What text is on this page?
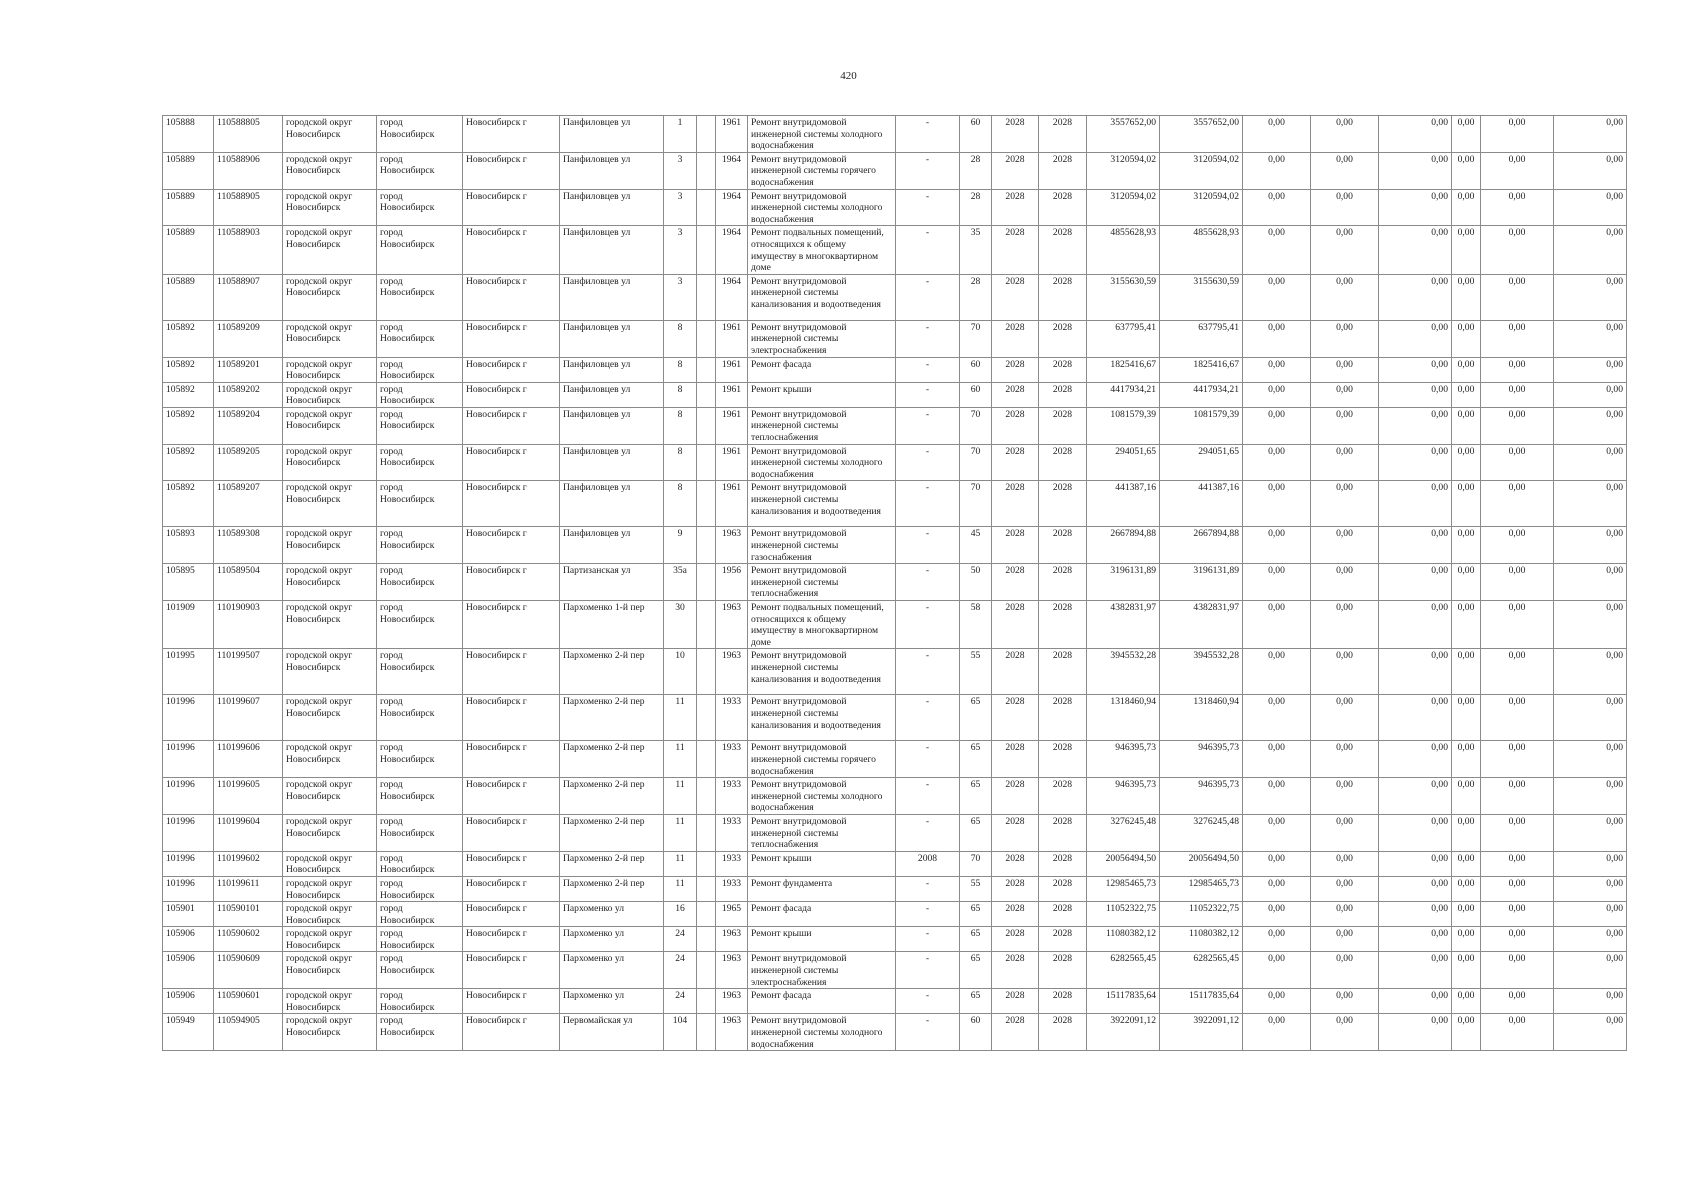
420
105888	110588805	городской округ Новосибирск	город Новосибирск	Новосибирск г	Панфиловцев ул	1		1961	Ремонт внутридомовой инженерной системы холодного водоснабжения	-	60	2028	2028	3557652,00	3557652,00	0,00	0,00	0,00	0,00	0,00	0,00
105889	110588906	городской округ Новосибирск	город Новосибирск	Новосибирск г	Панфиловцев ул	3		1964	Ремонт внутридомовой инженерной системы горячего водоснабжения	-	28	2028	2028	3120594,02	3120594,02	0,00	0,00	0,00	0,00	0,00	0,00
105889	110588905	городской округ Новосибирск	город Новосибирск	Новосибирск г	Панфиловцев ул	3		1964	Ремонт внутридомовой инженерной системы холодного водоснабжения	-	28	2028	2028	3120594,02	3120594,02	0,00	0,00	0,00	0,00	0,00	0,00
105889	110588903	городской округ Новосибирск	город Новосибирск	Новосибирск г	Панфиловцев ул	3		1964	Ремонт подвальных помещений, относящихся к общему имуществу в многоквартирном доме	-	35	2028	2028	4855628,93	4855628,93	0,00	0,00	0,00	0,00	0,00	0,00
105889	110588907	городской округ Новосибирск	город Новосибирск	Новосибирск г	Панфиловцев ул	3		1964	Ремонт внутридомовой инженерной системы канализования и водоотведения	-	28	2028	2028	3155630,59	3155630,59	0,00	0,00	0,00	0,00	0,00	0,00
105892	110589209	городской округ Новосибирск	город Новосибирск	Новосибирск г	Панфиловцев ул	8		1961	Ремонт внутридомовой инженерной системы электроснабжения	-	70	2028	2028	637795,41	637795,41	0,00	0,00	0,00	0,00	0,00	0,00
105892	110589201	городской округ Новосибирск	город Новосибирск	Новосибирск г	Панфиловцев ул	8		1961	Ремонт фасада	-	60	2028	2028	1825416,67	1825416,67	0,00	0,00	0,00	0,00	0,00	0,00
105892	110589202	городской округ Новосибирск	город Новосибирск	Новосибирск г	Панфиловцев ул	8		1961	Ремонт крыши	-	60	2028	2028	4417934,21	4417934,21	0,00	0,00	0,00	0,00	0,00	0,00
105892	110589204	городской округ Новосибирск	город Новосибирск	Новосибирск г	Панфиловцев ул	8		1961	Ремонт внутридомовой инженерной системы теплоснабжения	-	70	2028	2028	1081579,39	1081579,39	0,00	0,00	0,00	0,00	0,00	0,00
105892	110589205	городской округ Новосибирск	город Новосибирск	Новосибирск г	Панфиловцев ул	8		1961	Ремонт внутридомовой инженерной системы холодного водоснабжения	-	70	2028	2028	294051,65	294051,65	0,00	0,00	0,00	0,00	0,00	0,00
105892	110589207	городской округ Новосибирск	город Новосибирск	Новосибирск г	Панфиловцев ул	8		1961	Ремонт внутридомовой инженерной системы канализования и водоотведения	-	70	2028	2028	441387,16	441387,16	0,00	0,00	0,00	0,00	0,00	0,00
105893	110589308	городской округ Новосибирск	город Новосибирск	Новосибирск г	Панфиловцев ул	9		1963	Ремонт внутридомовой инженерной системы газоснабжения	-	45	2028	2028	2667894,88	2667894,88	0,00	0,00	0,00	0,00	0,00	0,00
105895	110589504	городской округ Новосибирск	город Новосибирск	Новосибирск г	Партизанская ул	35а		1956	Ремонт внутридомовой инженерной системы теплоснабжения	-	50	2028	2028	3196131,89	3196131,89	0,00	0,00	0,00	0,00	0,00	0,00
101909	110190903	городской округ Новосибирск	город Новосибирск	Новосибирск г	Пархоменко 1-й пер	30		1963	Ремонт подвальных помещений, относящихся к общему имуществу в многоквартирном доме	-	58	2028	2028	4382831,97	4382831,97	0,00	0,00	0,00	0,00	0,00	0,00
101995	110199507	городской округ Новосибирск	город Новосибирск	Новосибирск г	Пархоменко 2-й пер	10		1963	Ремонт внутридомовой инженерной системы канализования и водоотведения	-	55	2028	2028	3945532,28	3945532,28	0,00	0,00	0,00	0,00	0,00	0,00
101996	110199607	городской округ Новосибирск	город Новосибирск	Новосибирск г	Пархоменко 2-й пер	11		1933	Ремонт внутридомовой инженерной системы канализования и водоотведения	-	65	2028	2028	1318460,94	1318460,94	0,00	0,00	0,00	0,00	0,00	0,00
101996	110199606	городской округ Новосибирск	город Новосибирск	Новосибирск г	Пархоменко 2-й пер	11		1933	Ремонт внутридомовой инженерной системы горячего водоснабжения	-	65	2028	2028	946395,73	946395,73	0,00	0,00	0,00	0,00	0,00	0,00
101996	110199605	городской округ Новосибирск	город Новосибирск	Новосибирск г	Пархоменко 2-й пер	11		1933	Ремонт внутридомовой инженерной системы холодного водоснабжения	-	65	2028	2028	946395,73	946395,73	0,00	0,00	0,00	0,00	0,00	0,00
101996	110199604	городской округ Новосибирск	город Новосибирск	Новосибирск г	Пархоменко 2-й пер	11		1933	Ремонт внутридомовой инженерной системы теплоснабжения	-	65	2028	2028	3276245,48	3276245,48	0,00	0,00	0,00	0,00	0,00	0,00
101996	110199602	городской округ Новосибирск	город Новосибирск	Новосибирск г	Пархоменко 2-й пер	11		1933	Ремонт крыши	2008	70	2028	2028	20056494,50	20056494,50	0,00	0,00	0,00	0,00	0,00	0,00
101996	110199611	городской округ Новосибирск	город Новосибирск	Новосибирск г	Пархоменко 2-й пер	11		1933	Ремонт фундамента	-	55	2028	2028	12985465,73	12985465,73	0,00	0,00	0,00	0,00	0,00	0,00
105901	110590101	городской округ Новосибирск	город Новосибирск	Новосибирск г	Пархоменко ул	16		1965	Ремонт фасада	-	65	2028	2028	11052322,75	11052322,75	0,00	0,00	0,00	0,00	0,00	0,00
105906	110590602	городской округ Новосибирск	город Новосибирск	Новосибирск г	Пархоменко ул	24		1963	Ремонт крыши	-	65	2028	2028	11080382,12	11080382,12	0,00	0,00	0,00	0,00	0,00	0,00
105906	110590609	городской округ Новосибирск	город Новосибирск	Новосибирск г	Пархоменко ул	24		1963	Ремонт внутридомовой инженерной системы электроснабжения	-	65	2028	2028	6282565,45	6282565,45	0,00	0,00	0,00	0,00	0,00	0,00
105906	110590601	городской округ Новосибирск	город Новосибирск	Новосибирск г	Пархоменко ул	24		1963	Ремонт фасада	-	65	2028	2028	15117835,64	15117835,64	0,00	0,00	0,00	0,00	0,00	0,00
105949	110594905	городской округ Новосибирск	город Новосибирск	Новосибирск г	Первомайская ул	104		1963	Ремонт внутридомовой инженерной системы холодного водоснабжения	-	60	2028	2028	3922091,12	3922091,12	0,00	0,00	0,00	0,00	0,00	0,00
